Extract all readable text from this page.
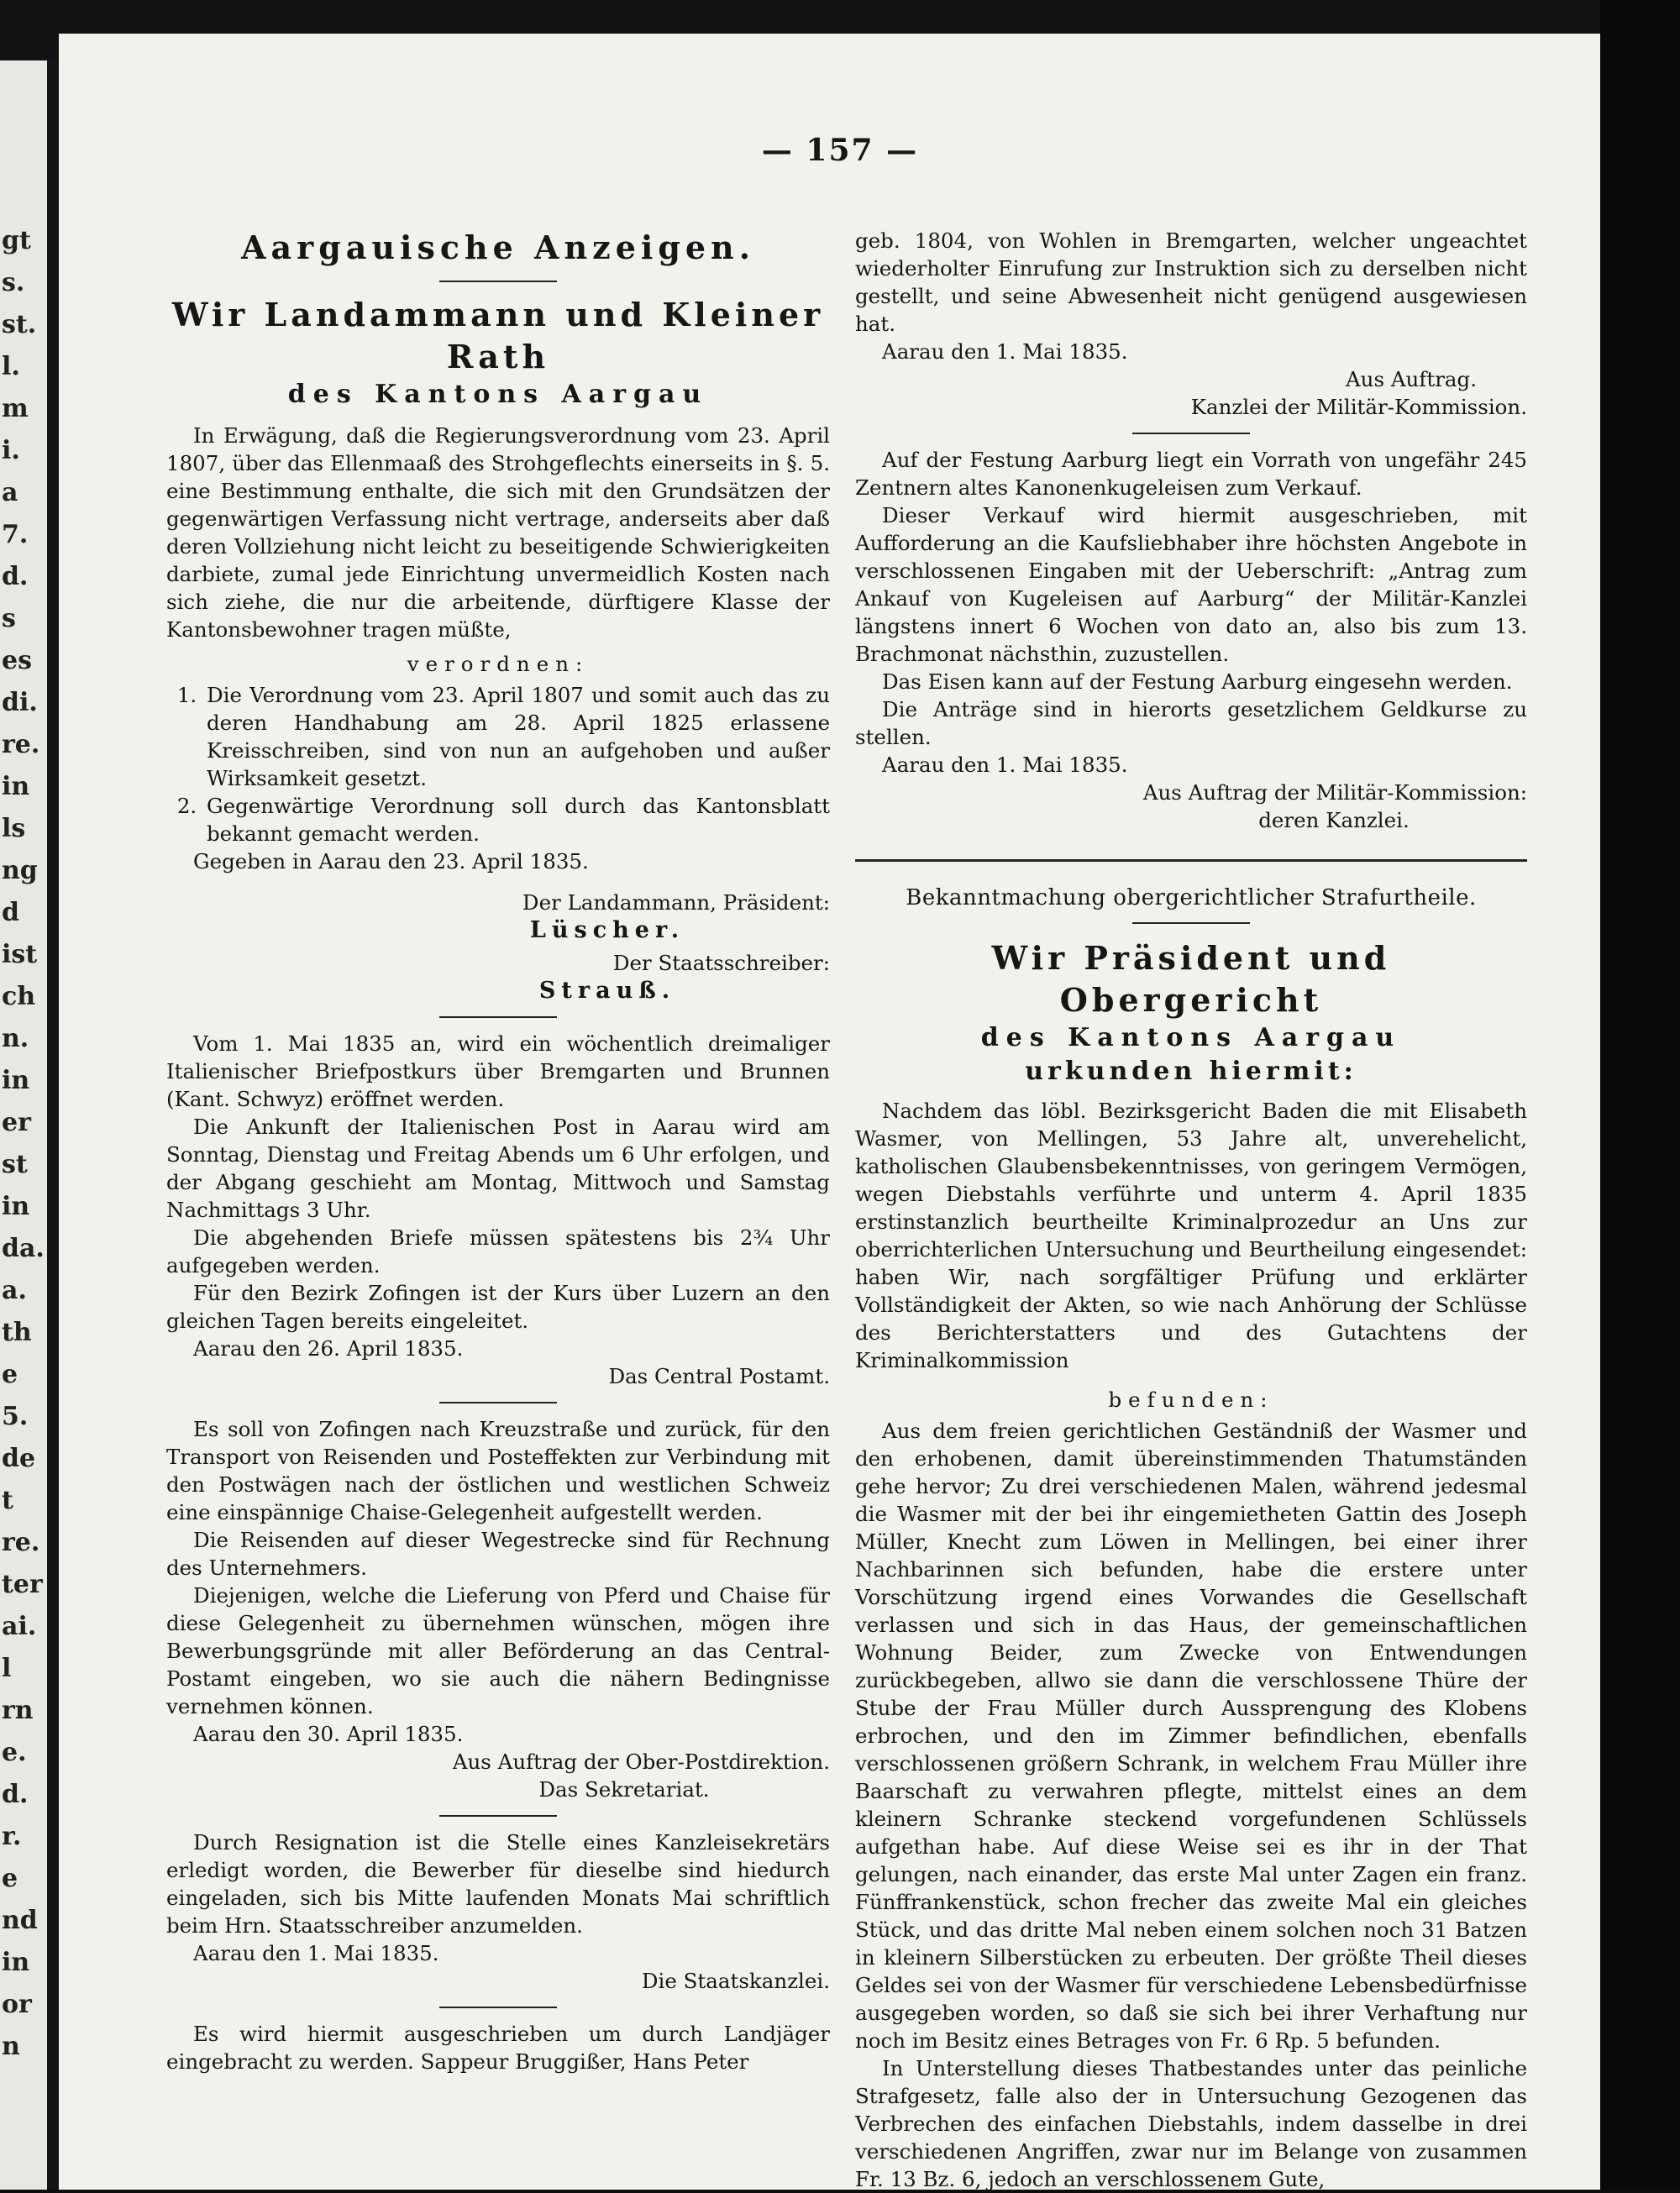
gt
s.
st.
l.
m
i.
a
7.
d.
s
es
di.
re.
in
ls
ng
d
ist
ch
n.
in
er
st
in
da.
a.
th
e
5.
de
t
re.
ter
ai.
l
rn
e.
d.
r.
e
nd
in
or
n
— 157 —

Aargauische Anzeigen.

Wir Landammann und Kleiner Rath

des Kantons Aargau

In Erwägung, daß die Regierungsverordnung vom 23. April 1807, über das Ellenmaaß des Strohgeflechts einerseits in §. 5. eine Bestimmung enthalte, die sich mit den Grundsätzen der gegenwärtigen Verfassung nicht vertrage, anderseits aber daß deren Vollziehung nicht leicht zu beseitigende Schwierigkeiten darbiete, zumal jede Einrichtung unvermeidlich Kosten nach sich ziehe, die nur die arbeitende, dürftigere Klasse der Kantonsbewohner tragen müßte,

verordnen:

1. Die Verordnung vom 23. April 1807 und somit auch das zu deren Handhabung am 28. April 1825 erlassene Kreisschreiben, sind von nun an aufgehoben und außer Wirksamkeit gesetzt.
2. Gegenwärtige Verordnung soll durch das Kantonsblatt bekannt gemacht werden.

Gegeben in Aarau den 23. April 1835.

Der Landammann, Präsident:

Lüscher.

Der Staatsschreiber:

Strauß.

Vom 1. Mai 1835 an, wird ein wöchentlich dreimaliger Italienischer Briefpostkurs über Bremgarten und Brunnen (Kant. Schwyz) eröffnet werden.

Die Ankunft der Italienischen Post in Aarau wird am Sonntag, Dienstag und Freitag Abends um 6 Uhr erfolgen, und der Abgang geschieht am Montag, Mittwoch und Samstag Nachmittags 3 Uhr.

Die abgehenden Briefe müssen spätestens bis 2¾ Uhr aufgegeben werden.

Für den Bezirk Zofingen ist der Kurs über Luzern an den gleichen Tagen bereits eingeleitet.

Aarau den 26. April 1835.

Das Central Postamt.

Es soll von Zofingen nach Kreuzstraße und zurück, für den Transport von Reisenden und Posteffekten zur Verbindung mit den Postwägen nach der östlichen und westlichen Schweiz eine einspännige Chaise-Gelegenheit aufgestellt werden.

Die Reisenden auf dieser Wegestrecke sind für Rechnung des Unternehmers.

Diejenigen, welche die Lieferung von Pferd und Chaise für diese Gelegenheit zu übernehmen wünschen, mögen ihre Bewerbungsgründe mit aller Beförderung an das Central-Postamt eingeben, wo sie auch die nähern Bedingnisse vernehmen können.

Aarau den 30. April 1835.

Aus Auftrag der Ober-Postdirektion.

Das Sekretariat.

Durch Resignation ist die Stelle eines Kanzleisekretärs erledigt worden, die Bewerber für dieselbe sind hiedurch eingeladen, sich bis Mitte laufenden Monats Mai schriftlich beim Hrn. Staatsschreiber anzumelden.

Aarau den 1. Mai 1835.

Die Staatskanzlei.

Es wird hiermit ausgeschrieben um durch Landjäger eingebracht zu werden. Sappeur Bruggißer, Hans Peter

geb. 1804, von Wohlen in Bremgarten, welcher ungeachtet wiederholter Einrufung zur Instruktion sich zu derselben nicht gestellt, und seine Abwesenheit nicht genügend ausgewiesen hat.

Aarau den 1. Mai 1835.

Aus Auftrag.

Kanzlei der Militär-Kommission.

Auf der Festung Aarburg liegt ein Vorrath von ungefähr 245 Zentnern altes Kanonenkugeleisen zum Verkauf.

Dieser Verkauf wird hiermit ausgeschrieben, mit Aufforderung an die Kaufsliebhaber ihre höchsten Angebote in verschlossenen Eingaben mit der Ueberschrift: „Antrag zum Ankauf von Kugeleisen auf Aarburg“ der Militär-Kanzlei längstens innert 6 Wochen von dato an, also bis zum 13. Brachmonat nächsthin, zuzustellen.

Das Eisen kann auf der Festung Aarburg eingesehn werden.

Die Anträge sind in hierorts gesetzlichem Geldkurse zu stellen.

Aarau den 1. Mai 1835.

Aus Auftrag der Militär-Kommission:

deren Kanzlei.

Bekanntmachung obergerichtlicher Strafurtheile.

Wir Präsident und Obergericht

des Kantons Aargau

urkunden hiermit:

Nachdem das löbl. Bezirksgericht Baden die mit Elisabeth Wasmer, von Mellingen, 53 Jahre alt, unverehelicht, katholischen Glaubensbekenntnisses, von geringem Vermögen, wegen Diebstahls verführte und unterm 4. April 1835 erstinstanzlich beurtheilte Kriminalprozedur an Uns zur oberrichterlichen Untersuchung und Beurtheilung eingesendet: haben Wir, nach sorgfältiger Prüfung und erklärter Vollständigkeit der Akten, so wie nach Anhörung der Schlüsse des Berichterstatters und des Gutachtens der Kriminalkommission

befunden:

Aus dem freien gerichtlichen Geständniß der Wasmer und den erhobenen, damit übereinstimmenden Thatumständen gehe hervor; Zu drei verschiedenen Malen, während jedesmal die Wasmer mit der bei ihr eingemietheten Gattin des Joseph Müller, Knecht zum Löwen in Mellingen, bei einer ihrer Nachbarinnen sich befunden, habe die erstere unter Vorschützung irgend eines Vorwandes die Gesellschaft verlassen und sich in das Haus, der gemeinschaftlichen Wohnung Beider, zum Zwecke von Entwendungen zurückbegeben, allwo sie dann die verschlossene Thüre der Stube der Frau Müller durch Aussprengung des Klobens erbrochen, und den im Zimmer befindlichen, ebenfalls verschlossenen größern Schrank, in welchem Frau Müller ihre Baarschaft zu verwahren pflegte, mittelst eines an dem kleinern Schranke steckend vorgefundenen Schlüssels aufgethan habe. Auf diese Weise sei es ihr in der That gelungen, nach einander, das erste Mal unter Zagen ein franz. Fünffrankenstück, schon frecher das zweite Mal ein gleiches Stück, und das dritte Mal neben einem solchen noch 31 Batzen in kleinern Silberstücken zu erbeuten. Der größte Theil dieses Geldes sei von der Wasmer für verschiedene Lebensbedürfnisse ausgegeben worden, so daß sie sich bei ihrer Verhaftung nur noch im Besitz eines Betrages von Fr. 6 Rp. 5 befunden.

In Unterstellung dieses Thatbestandes unter das peinliche Strafgesetz, falle also der in Untersuchung Gezogenen das Verbrechen des einfachen Diebstahls, indem dasselbe in drei verschiedenen Angriffen, zwar nur im Belange von zusammen Fr. 13 Bz. 6, jedoch an verschlossenem Gute,
